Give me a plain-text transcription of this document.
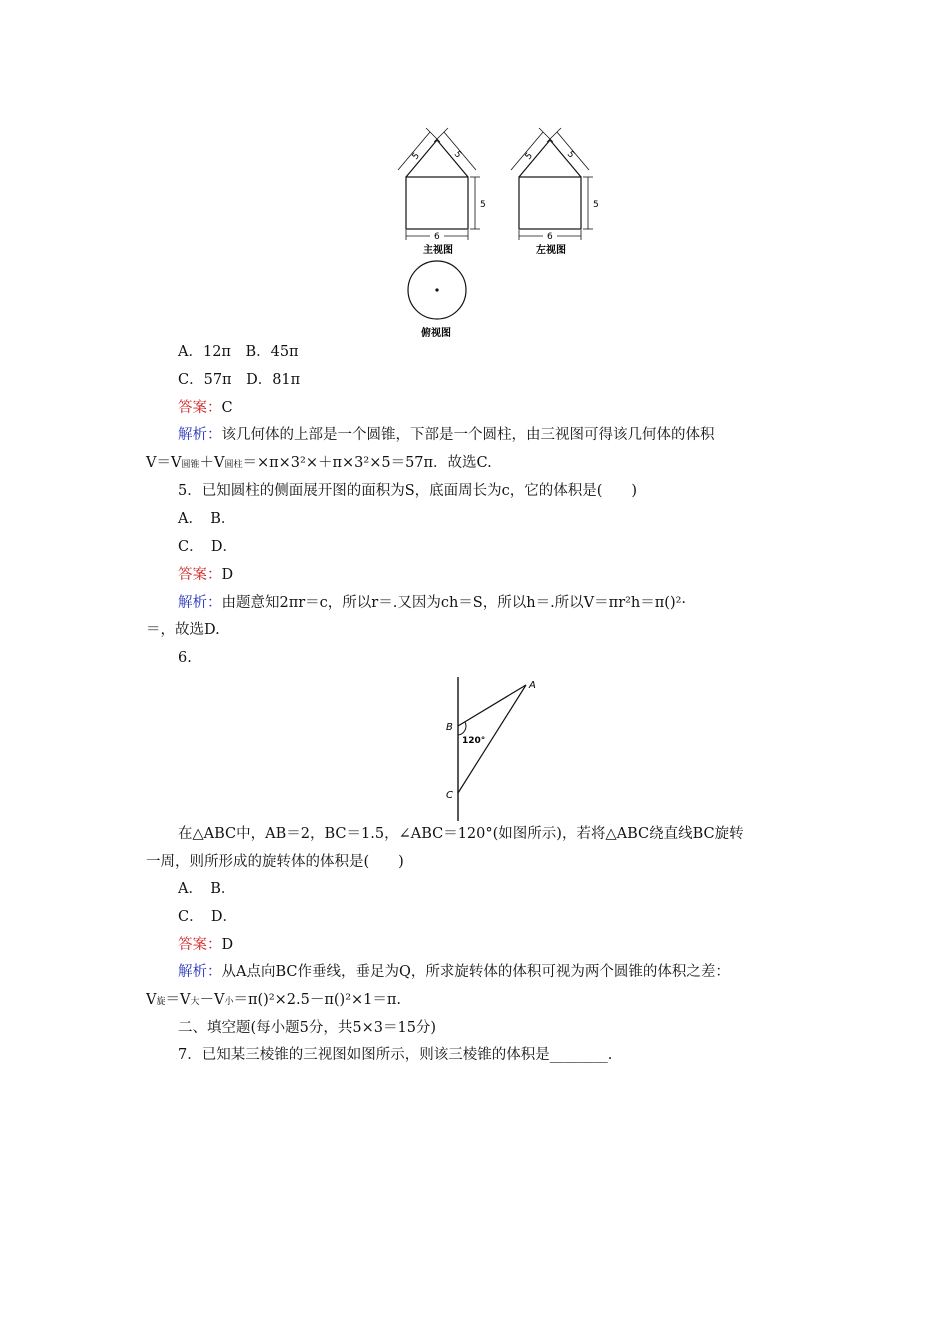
5	5
5
6
主视图
5	5
5
6
左视图
俯视图
A．12π　B．45π
C．57π　D．81π
答案：C
解析：该几何体的上部是一个圆锥，下部是一个圆柱，由三视图可得该几何体的体积
V＝V圆锥＋V圆柱＝×π×3²×＋π×3²×5＝57π．故选C.
5．已知圆柱的侧面展开图的面积为S，底面周长为c，它的体积是(　　)
A．　B．
C．　D．
答案：D
解析：由题意知2πr＝c，所以r＝.又因为ch＝S，所以h＝.所以V＝πr²h＝π()²·
＝，故选D.
6.
A
B
C
120°
在△ABC中，AB＝2，BC＝1.5，∠ABC＝120°(如图所示)，若将△ABC绕直线BC旋转
一周，则所形成的旋转体的体积是(　　)
A．　B．
C．　D．
答案：D
解析：从A点向BC作垂线，垂足为Q，所求旋转体的体积可视为两个圆锥的体积之差：
V旋＝V大－V小＝π()²×2.5－π()²×1＝π.
二、填空题(每小题5分，共5×3＝15分)
7．已知某三棱锥的三视图如图所示，则该三棱锥的体积是________.
